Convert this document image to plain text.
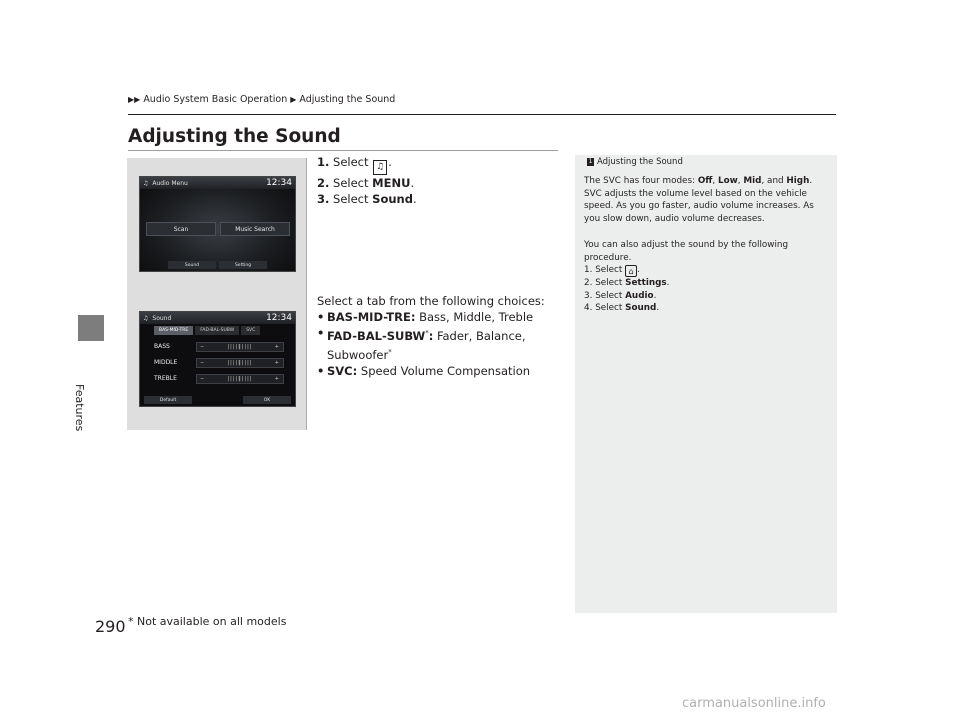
Features
▶▶ Audio System Basic Operation ▶ Adjusting the Sound
Adjusting the Sound
♫ Audio Menu	12:34
Scan	Music Search
Sound	Setting
♫ Sound	12:34
BAS-MID-TRE	FAD-BAL-SUBW	SVC
BASS	−	||||‖||||	+
MIDDLE	−	||||‖||||	+
TREBLE	−	||||‖||||	+
Default	OK
1. Select ♫ .
2. Select MENU.
3. Select Sound.
Select a tab from the following choices:
• BAS-MID-TRE: Bass, Middle, Treble
• FAD-BAL-SUBW*: Fader, Balance,
Subwoofer*
• SVC: Speed Volume Compensation
1 Adjusting the Sound

The SVC has four modes: Off, Low, Mid, and High. SVC adjusts the volume level based on the vehicle speed. As you go faster, audio volume increases. As you slow down, audio volume decreases.

You can also adjust the sound by the following procedure.
1. Select ⌂ .
2. Select Settings.
3. Select Audio.
4. Select Sound.
290 * Not available on all models
carmanualsonline.info
